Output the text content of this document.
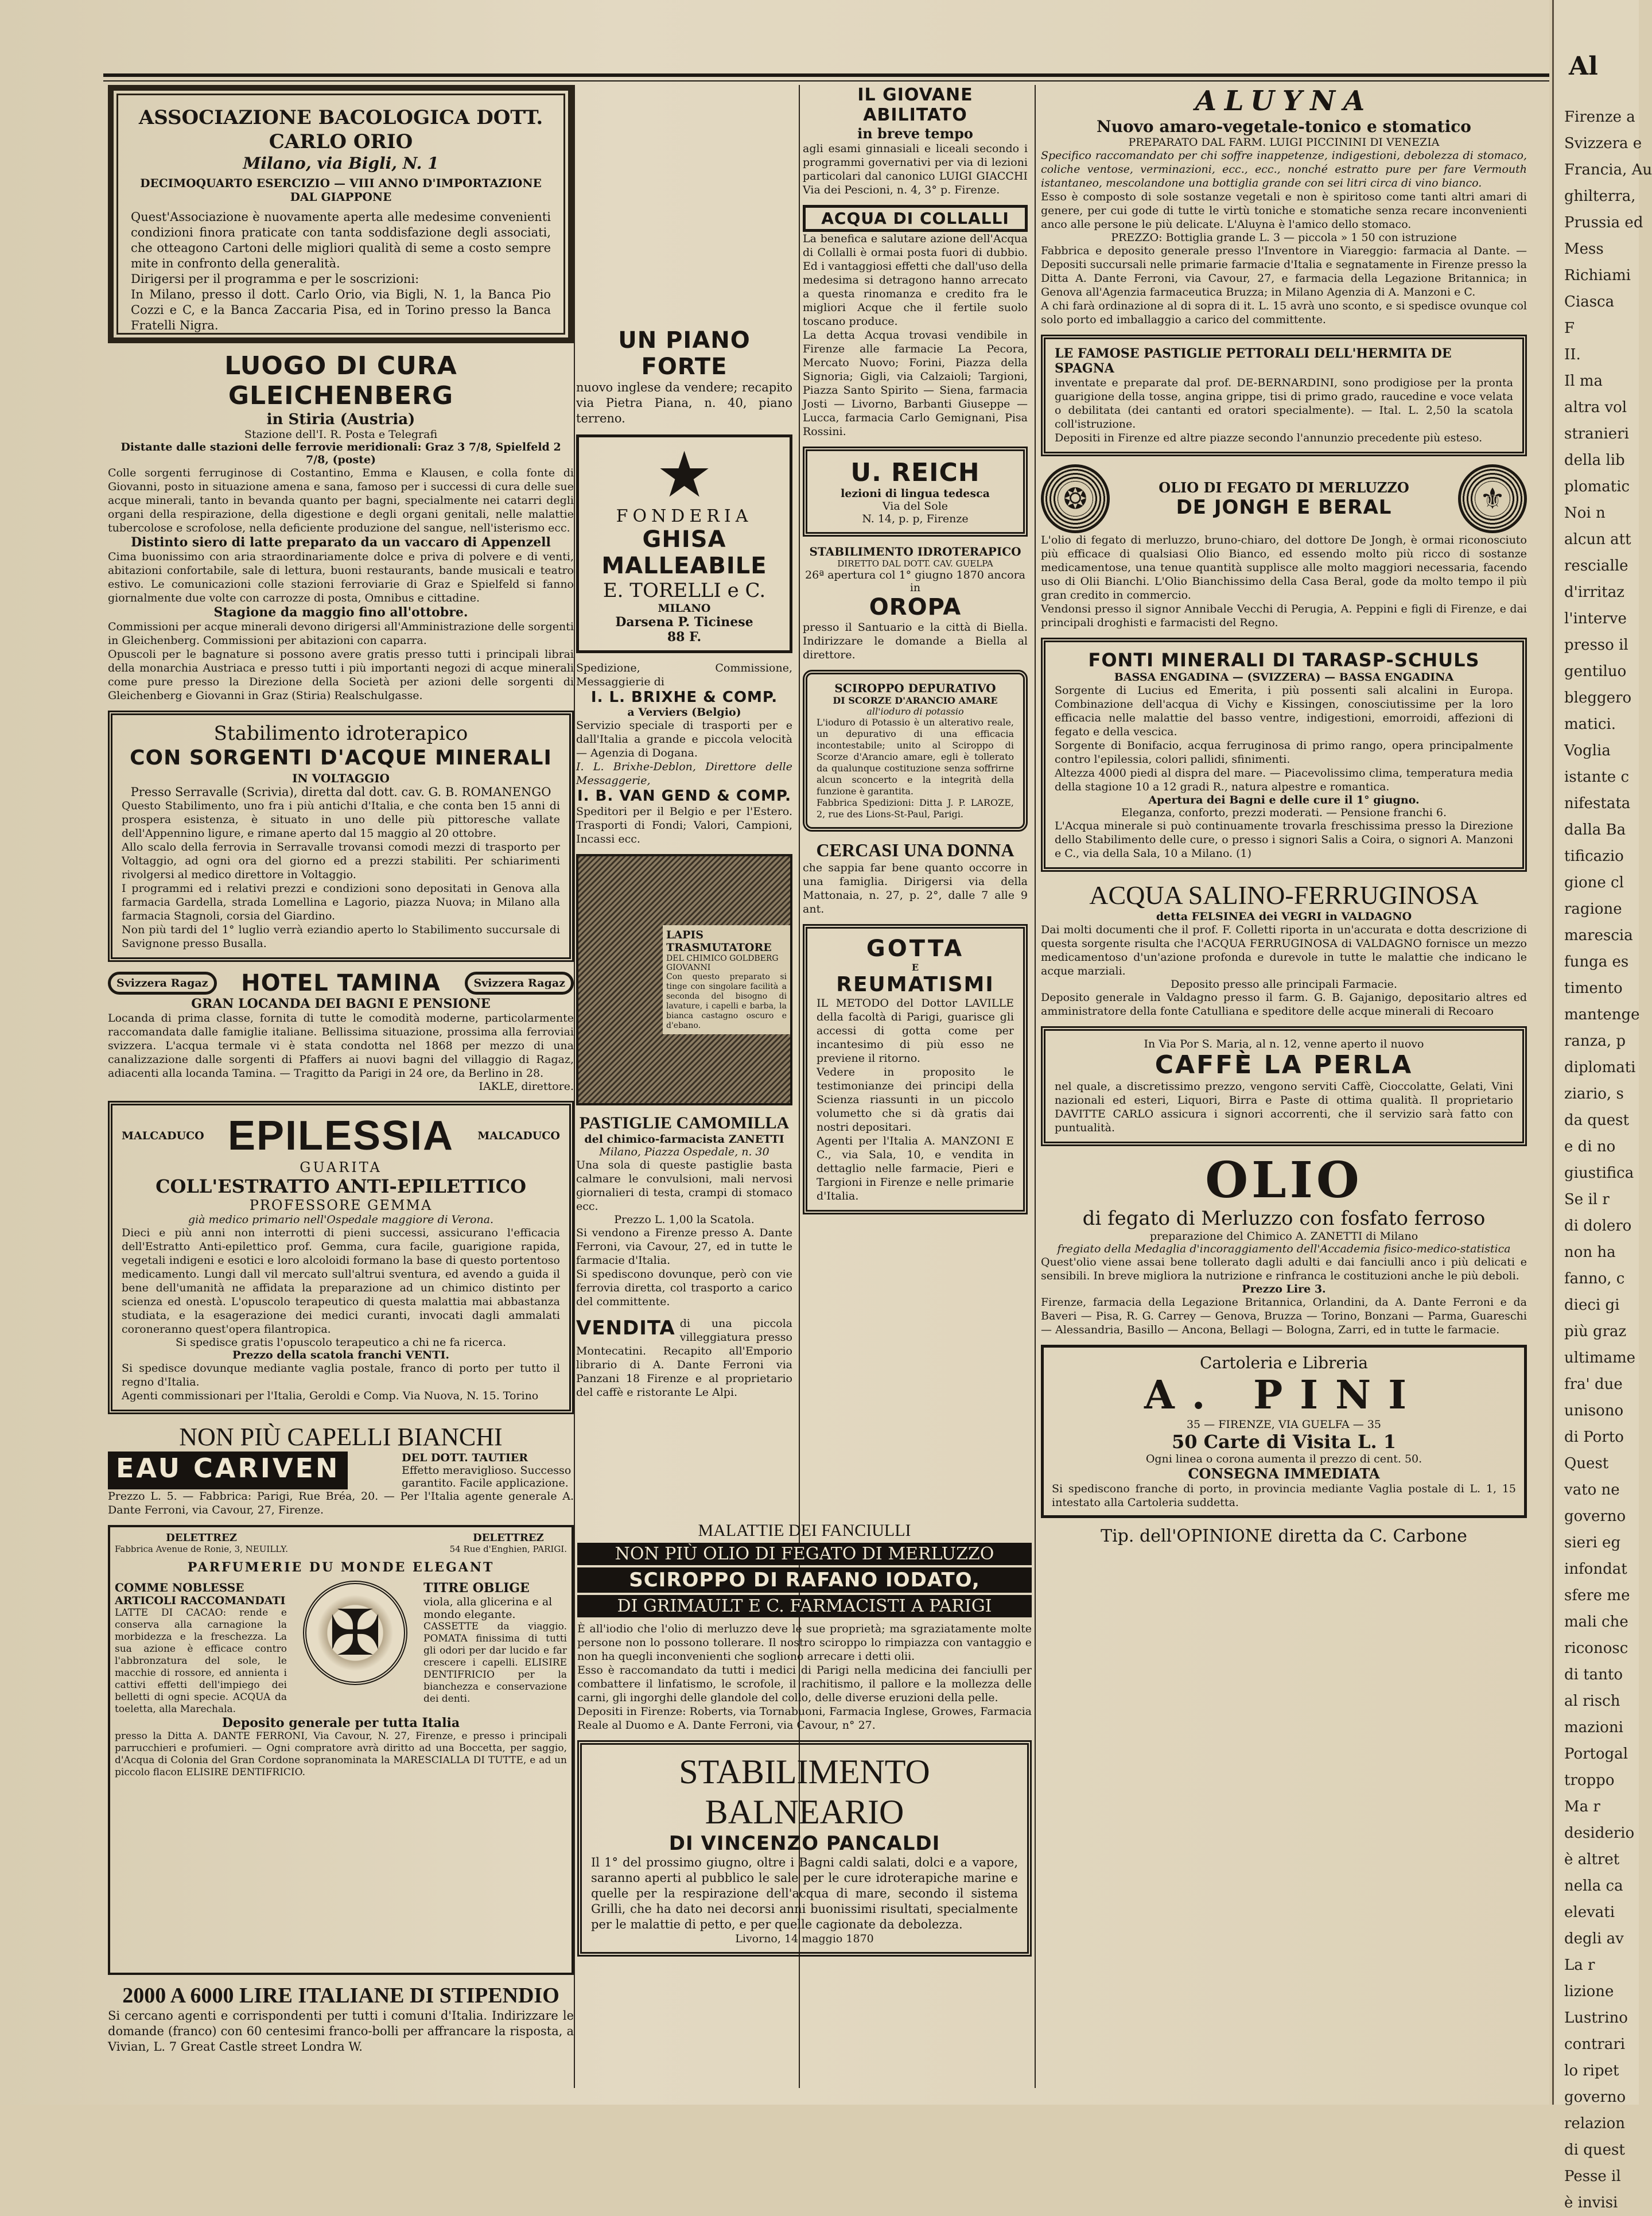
ASSOCIAZIONE BACOLOGICA DOTT. CARLO ORIO
Milano, via Bigli, N. 1
DECIMOQUARTO ESERCIZIO — VIII ANNO D'IMPORTAZIONE DAL GIAPPONE

Quest'Associazione è nuovamente aperta alle medesime convenienti condizioni finora praticate con tanta soddisfazione degli associati, che otteagono Cartoni delle migliori qualità di seme a costo sempre mite in confronto della generalità.

Dirigersi per il programma e per le soscrizioni:

In Milano, presso il dott. Carlo Orio, via Bigli, N. 1, la Banca Pio Cozzi e C, e la Banca Zaccaria Pisa, ed in Torino presso la Banca Fratelli Nigra.

LUOGO DI CURA GLEICHENBERG
in Stiria (Austria)
Stazione dell'I. R. Posta e Telegrafi
Distante dalle stazioni delle ferrovie meridionali: Graz 3 7/8, Spielfeld 2 7/8, (poste)

Colle sorgenti ferruginose di Costantino, Emma e Klausen, e colla fonte di Giovanni, posto in situazione amena e sana, famoso per i successi di cura delle sue acque minerali, tanto in bevanda quanto per bagni, specialmente nei catarri degli organi della respirazione, della digestione e degli organi genitali, nelle malattie tubercolose e scrofolose, nella deficiente produzione del sangue, nell'isterismo ecc.

Distinto siero di latte preparato da un vaccaro di Appenzell

Cima buonissimo con aria straordinariamente dolce e priva di polvere e di venti, abitazioni confortabile, sale di lettura, buoni restaurants, bande musicali e teatro estivo. Le comunicazioni colle stazioni ferroviarie di Graz e Spielfeld si fanno giornalmente due volte con carrozze di posta, Omnibus e cittadine.

Stagione da maggio fino all'ottobre.

Commissioni per acque minerali devono dirigersi all'Amministrazione delle sorgenti in Gleichenberg. Commissioni per abitazioni con caparra.

Opuscoli per le bagnature si possono avere gratis presso tutti i principali librai della monarchia Austriaca e presso tutti i più importanti negozi di acque minerali come pure presso la Direzione della Società per azioni delle sorgenti di Gleichenberg e Giovanni in Graz (Stiria) Realschulgasse.

Stabilimento idroterapico
CON SORGENTI D'ACQUE MINERALI
IN VOLTAGGIO
Presso Serravalle (Scrivia), diretta dal dott. cav. G. B. ROMANENGO

Questo Stabilimento, uno fra i più antichi d'Italia, e che conta ben 15 anni di prospera esistenza, è situato in uno delle più pittoresche vallate dell'Appennino ligure, e rimane aperto dal 15 maggio al 20 ottobre.

Allo scalo della ferrovia in Serravalle trovansi comodi mezzi di trasporto per Voltaggio, ad ogni ora del giorno ed a prezzi stabiliti. Per schiarimenti rivolgersi al medico direttore in Voltaggio.

I programmi ed i relativi prezzi e condizioni sono depositati in Genova alla farmacia Gardella, strada Lomellina e Lagorio, piazza Nuova; in Milano alla farmacia Stagnoli, corsia del Giardino.

Non più tardi del 1° luglio verrà eziandio aperto lo Stabilimento succursale di Savignone presso Busalla.

Svizzera Ragaz	HOTEL TAMINA	Svizzera Ragaz
GRAN LOCANDA DEI BAGNI E PENSIONE

Locanda di prima classe, fornita di tutte le comodità moderne, particolarmente raccomandata dalle famiglie italiane. Bellissima situazione, prossima alla ferroviai svizzera. L'acqua termale vi è stata condotta nel 1868 per mezzo di una canalizzazione dalle sorgenti di Pfaffers ai nuovi bagni del villaggio di Ragaz, adiacenti alla locanda Tamina. — Tragitto da Parigi in 24 ore, da Berlino in 28.

IAKLE, direttore.
MALCADUCO EPILESSIA MALCADUCO
GUARITA
COLL'ESTRATTO ANTI-EPILETTICO
PROFESSORE GEMMA
già medico primario nell'Ospedale maggiore di Verona.

Dieci e più anni non interrotti di pieni successi, assicurano l'efficacia dell'Estratto Anti-epilettico prof. Gemma, cura facile, guarigione rapida, vegetali indigeni e esotici e loro alcoloidi formano la base di questo portentoso medicamento. Lungi dall vil mercato sull'altrui sventura, ed avendo a guida il bene dell'umanità ne affidata la preparazione ad un chimico distinto per scienza ed onestà. L'opuscolo terapeutico di questa malattia mai abbastanza studiata, e la esagerazione dei medici curanti, invocati dagli ammalati coroneranno quest'opera filantropica.

Si spedisce gratis l'opuscolo terapeutico a chi ne fa ricerca.
Prezzo della scatola franchi VENTI.

Si spedisce dovunque mediante vaglia postale, franco di porto per tutto il regno d'Italia.

Agenti commissionari per l'Italia, Geroldi e Comp. Via Nuova, N. 15. Torino

NON PIÙ CAPELLI BIANCHI
EAU CARIVEN	DEL DOTT. TAUTIER
Effetto meraviglioso. Successo garantito. Facile applicazione.

Prezzo L. 5. — Fabbrica: Parigi, Rue Bréa, 20. — Per l'Italia agente generale A. Dante Ferroni, via Cavour, 27, Firenze.

DELETTREZ
Fabbrica Avenue de Ronie, 3, NEUILLY.
DELETTREZ
54 Rue d'Enghien, PARIGI.
PARFUMERIE DU MONDE ELEGANT
COMME NOBLESSE
ARTICOLI RACCOMANDATI

LATTE DI CACAO: rende e conserva alla carnagione la morbidezza e la freschezza. La sua azione è efficace contro l'abbronzatura del sole, le macchie di rossore, ed annienta i cattivi effetti dell'impiego dei belletti di ogni specie. ACQUA da toeletta, alla Marechala.

✠
TITRE OBLIGE
viola, alla glicerina e al mondo elegante.

CASSETTE da viaggio. POMATA finissima di tutti gli odori per dar lucido e far crescere i capelli. ELISIRE DENTIFRICIO per la bianchezza e conservazione dei denti.

Deposito generale per tutta Italia

presso la Ditta A. DANTE FERRONI, Via Cavour, N. 27, Firenze, e presso i principali parrucchieri e profumieri. — Ogni compratore avrà diritto ad una Boccetta, per saggio, d'Acqua di Colonia del Gran Cordone sopranominata la MARESCIALLA DI TUTTE, e ad un piccolo flacon ELISIRE DENTIFRICIO.

2000 A 6000 LIRE ITALIANE DI STIPENDIO

Si cercano agenti e corrispondenti per tutti i comuni d'Italia. Indirizzare le domande (franco) con 60 centesimi franco-bolli per affrancare la risposta, a Vivian, L. 7 Great Castle street Londra W.

UN PIANO FORTE

nuovo inglese da vendere; recapito via Pietra Piana, n. 40, piano terreno.

★
FONDERIA
GHISA MALLEABILE
E. TORELLI e C.
MILANO
Darsena P. Ticinese
88 F.

Spedizione, Commissione, Messaggierie di

I. L. BRIXHE & COMP.
a Verviers (Belgio)

Servizio speciale di trasporti per e dall'Italia a grande e piccola velocità — Agenzia di Dogana.

I. L. Brixhe-Deblon, Direttore delle Messaggerie,

I. B. VAN GEND & COMP.

Speditori per il Belgio e per l'Estero. Trasporti di Fondi; Valori, Campioni, Incassi ecc.

LAPIS TRASMUTATORE
DEL CHIMICO GOLDBERG GIOVANNI

Con questo preparato si tinge con singolare facilità a seconda del bisogno di lavature, i capelli e barba, la bianca castagno oscuro e d'ebano.

PASTIGLIE CAMOMILLA
del chimico-farmacista ZANETTI
Milano, Piazza Ospedale, n. 30

Una sola di queste pastiglie basta calmare le convulsioni, mali nervosi giornalieri di testa, crampi di stomaco ecc.

Prezzo L. 1,00 la Scatola.

Si vendono a Firenze presso A. Dante Ferroni, via Cavour, 27, ed in tutte le farmacie d'Italia.

Si spediscono dovunque, però con vie ferrovia diretta, col trasporto a carico del committente.

VENDITA di una piccola villeggiatura presso Montecatini. Recapito all'Emporio librario di A. Dante Ferroni via Panzani 18 Firenze e al proprietario del caffè e ristorante Le Alpi.

IL GIOVANE ABILITATO
in breve tempo

agli esami ginnasiali e liceali secondo i programmi governativi per via di lezioni particolari dal canonico LUIGI GIACCHI Via dei Pescioni, n. 4, 3° p. Firenze.

ACQUA DI COLLALLI

La benefica e salutare azione dell'Acqua di Collalli è ormai posta fuori di dubbio. Ed i vantaggiosi effetti che dall'uso della medesima si detragono hanno arrecato a questa rinomanza e credito fra le migliori Acque che il fertile suolo toscano produce.

La detta Acqua trovasi vendibile in Firenze alle farmacie La Pecora, Mercato Nuovo; Forini, Piazza della Signoria; Gigli, via Calzaioli; Targioni, Piazza Santo Spirito — Siena, farmacia Josti — Livorno, Barbanti Giuseppe — Lucca, farmacia Carlo Gemignani, Pisa Rossini.

U. REICH
lezioni di lingua tedesca
Via del Sole
N. 14, p. p, Firenze
STABILIMENTO IDROTERAPICO
DIRETTO DAL DOTT. CAV. GUELPA
26ª apertura col 1° giugno 1870 ancora in
OROPA

presso il Santuario e la città di Biella. Indirizzare le domande a Biella al direttore.

SCIROPPO DEPURATIVO
DI SCORZE D'ARANCIO AMARE
all'ioduro di potassio

L'ioduro di Potassio è un alterativo reale, un depurativo di una efficacia incontestabile; unito al Sciroppo di Scorze d'Arancio amare, egli è tollerato da qualunque costituzione senza soffrirne alcun sconcerto e la integrità della funzione è garantita.

Fabbrica Spedizioni: Ditta J. P. LAROZE, 2, rue des Lions-St-Paul, Parigi.

CERCASI UNA DONNA

che sappia far bene quanto occorre in una famiglia. Dirigersi via della Mattonaia, n. 27, p. 2°, dalle 7 alle 9 ant.

GOTTA
E
REUMATISMI

IL METODO del Dottor LAVILLE della facoltà di Parigi, guarisce gli accessi di gotta come per incantesimo di più esso ne previene il ritorno.

Vedere in proposito le testimonianze dei principi della Scienza riassunti in un piccolo volumetto che si dà gratis dai nostri depositari.

Agenti per l'Italia A. MANZONI E C., via Sala, 10, e vendita in dettaglio nelle farmacie, Pieri e Targioni in Firenze e nelle primarie d'Italia.

MALATTIE DEI FANCIULLI
NON PIÙ OLIO DI FEGATO DI MERLUZZO
SCIROPPO DI RAFANO IODATO,
DI GRIMAULT E C. FARMACISTI A PARIGI

È all'iodio che l'olio di merluzzo deve le sue proprietà; ma sgraziatamente molte persone non lo possono tollerare. Il nostro sciroppo lo rimpiazza con vantaggio e non ha quegli inconvenienti che sogliono arrecare i detti olii.

Esso è raccomandato da tutti i medici di Parigi nella medicina dei fanciulli per combattere il linfatismo, le scrofole, il rachitismo, il pallore e la mollezza delle carni, gli ingorghi delle glandole del collo, delle diverse eruzioni della pelle.

Depositi in Firenze: Roberts, via Tornabuoni, Farmacia Inglese, Growes, Farmacia Reale al Duomo e A. Dante Ferroni, via Cavour, n° 27.

STABILIMENTO BALNEARIO
DI VINCENZO PANCALDI

Il 1° del prossimo giugno, oltre i Bagni caldi salati, dolci e a vapore, saranno aperti al pubblico le sale per le cure idroterapiche marine e quelle per la respirazione dell'acqua di mare, secondo il sistema Grilli, che ha dato nei decorsi anni buonissimi risultati, specialmente per le malattie di petto, e per quelle cagionate da debolezza.

Livorno, 14 maggio 1870
ALUYNA
Nuovo amaro-vegetale-tonico e stomatico
PREPARATO DAL FARM. LUIGI PICCININI DI VENEZIA

Specifico raccomandato per chi soffre inappetenze, indigestioni, debolezza di stomaco, coliche ventose, verminazioni, ecc., ecc., nonché estratto pure per fare Vermouth istantaneo, mescolandone una bottiglia grande con sei litri circa di vino bianco.

Esso è composto di sole sostanze vegetali e non è spiritoso come tanti altri amari di genere, per cui gode di tutte le virtù toniche e stomatiche senza recare inconvenienti anco alle persone le più delicate. L'Aluyna è l'amico dello stomaco.

PREZZO: Bottiglia grande L. 3 — piccola » 1 50 con istruzione

Fabbrica e deposito generale presso l'Inventore in Viareggio: farmacia al Dante. — Depositi succursali nelle primarie farmacie d'Italia e segnatamente in Firenze presso la Ditta A. Dante Ferroni, via Cavour, 27, e farmacia della Legazione Britannica; in Genova all'Agenzia farmaceutica Bruzza; in Milano Agenzia di A. Manzoni e C.

A chi farà ordinazione al di sopra di it. L. 15 avrà uno sconto, e si spedisce ovunque col solo porto ed imballaggio a carico del committente.

LE FAMOSE PASTIGLIE PETTORALI DELL'HERMITA DE SPAGNA

inventate e preparate dal prof. DE-BERNARDINI, sono prodigiose per la pronta guarigione della tosse, angina grippe, tisi di primo grado, raucedine e voce velata o debilitata (dei cantanti ed oratori specialmente). — Ital. L. 2,50 la scatola coll'istruzione.

Depositi in Firenze ed altre piazze secondo l'annunzio precedente più esteso.

❂	OLIO DI FEGATO DI MERLUZZO
DE JONGH E BERAL	⚜

L'olio di fegato di merluzzo, bruno-chiaro, del dottore De Jongh, è ormai riconosciuto più efficace di qualsiasi Olio Bianco, ed essendo molto più ricco di sostanze medicamentose, una tenue quantità supplisce alle molto maggiori necessaria, facendo uso di Olii Bianchi. L'Olio Bianchissimo della Casa Beral, gode da molto tempo il più gran credito in commercio.

Vendonsi presso il signor Annibale Vecchi di Perugia, A. Peppini e figli di Firenze, e dai principali droghisti e farmacisti del Regno.

FONTI MINERALI DI TARASP-SCHULS
BASSA ENGADINA — (SVIZZERA) — BASSA ENGADINA

Sorgente di Lucius ed Emerita, i più possenti sali alcalini in Europa. Combinazione dell'acqua di Vichy e Kissingen, conosciutissime per la loro efficacia nelle malattie del basso ventre, indigestioni, emorroidi, affezioni di fegato e della vescica.

Sorgente di Bonifacio, acqua ferruginosa di primo rango, opera principalmente contro l'epilessia, colori pallidi, sfinimenti.

Altezza 4000 piedi al dispra del mare. — Piacevolissimo clima, temperatura media della stagione 10 a 12 gradi R., natura alpestre e romantica.

Apertura dei Bagni e delle cure il 1° giugno.
Eleganza, conforto, prezzi moderati. — Pensione franchi 6.

L'Acqua minerale si può continuamente trovarla freschissima presso la Direzione dello Stabilimento delle cure, o presso i signori Salis a Coira, o signori A. Manzoni e C., via della Sala, 10 a Milano. (1)

ACQUA SALINO-FERRUGINOSA
detta FELSINEA dei VEGRI in VALDAGNO

Dai molti documenti che il prof. F. Colletti riporta in un'accurata e dotta descrizione di questa sorgente risulta che l'ACQUA FERRUGINOSA di VALDAGNO fornisce un mezzo medicamentoso d'un'azione profonda e durevole in tutte le malattie che indicano le acque marziali.

Deposito presso alle principali Farmacie.

Deposito generale in Valdagno presso il farm. G. B. Gajanigo, depositario altres ed amministratore della fonte Catulliana e speditore delle acque minerali di Recoaro

In Via Por S. Maria, al n. 12, venne aperto il nuovo
CAFFÈ LA PERLA

nel quale, a discretissimo prezzo, vengono serviti Caffè, Cioccolatte, Gelati, Vini nazionali ed esteri, Liquori, Birra e Paste di ottima qualità. Il proprietario DAVITTE CARLO assicura i signori accorrenti, che il servizio sarà fatto con puntualità.

OLIO
di fegato di Merluzzo con fosfato ferroso
preparazione del Chimico A. ZANETTI di Milano
fregiato della Medaglia d'incoraggiamento dell'Accademia fisico-medico-statistica

Quest'olio viene assai bene tollerato dagli adulti e dai fanciulli anco i più delicati e sensibili. In breve migliora la nutrizione e rinfranca le costituzioni anche le più deboli.

Prezzo Lire 3.

Firenze, farmacia della Legazione Britannica, Orlandini, da A. Dante Ferroni e da Baveri — Pisa, R. G. Carrey — Genova, Bruzza — Torino, Bonzani — Parma, Guareschi — Alessandria, Basillo — Ancona, Bellagi — Bologna, Zarri, ed in tutte le farmacie.

Cartoleria e Libreria
A. PINI
35 — FIRENZE, VIA GUELFA — 35
50 Carte di Visita L. 1
Ogni linea o corona aumenta il prezzo di cent. 50.
CONSEGNA IMMEDIATA

Si spediscono franche di porto, in provincia mediante Vaglia postale di L. 1, 15 intestato alla Cartoleria suddetta.

Tip. dell'OPINIONE diretta da C. Carbone
Al
Firenze a
Svizzera e
Francia, Au
ghilterra,
Prussia ed
Mess
Richiami
Ciasca
F
II.
Il ma
altra vol
stranieri
della lib
plomatic
Noi n
alcun att
rescialle
d'irritaz
l'interve
presso il
gentiluo
bleggero
matici.
Voglia
istante c
nifestata
dalla Ba
tificazio
gione cl
ragione
marescia
funga es
timento
mantenge
ranza, p
diplomati
ziario, s
da quest
e di no
giustifica
Se il r
di dolero
non ha
fanno, c
dieci gi
più graz
ultimame
fra' due
unisono
di Porto
Quest
vato ne
governo
sieri eg
infondat
sfere me
mali che
riconosc
di tanto
al risch
mazioni
Portogal
troppo
Ma r
desiderio
è altret
nella ca
elevati
degli av
La r
lizione
Lustrino
contrari
lo ripet
governo
relazion
di quest
Pesse il
è invisi
